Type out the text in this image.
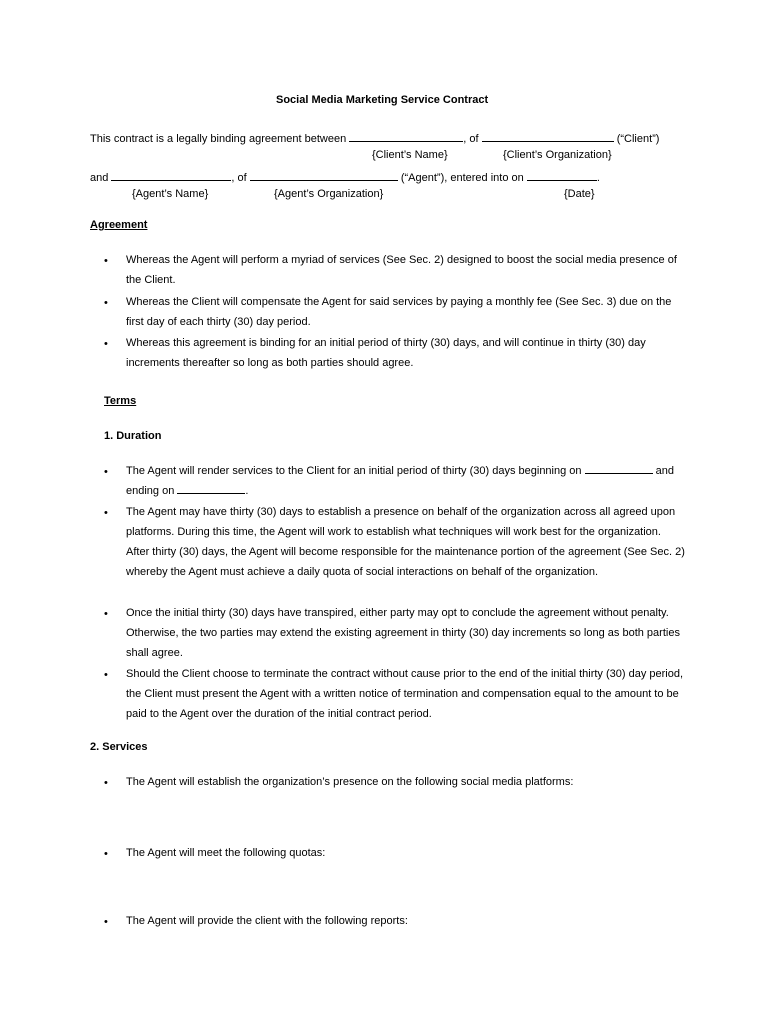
Social Media Marketing Service Contract
This contract is a legally binding agreement between	, of	(“Client”)
{Client’s Name}	{Client’s Organization}
and	, of	(“Agent”), entered into on	.
{Agent’s Name}	{Agent’s Organization}	{Date}
Agreement
• Whereas the Agent will perform a myriad of services (See Sec. 2) designed to boost the social media presence of the Client.
• Whereas the Client will compensate the Agent for said services by paying a monthly fee (See Sec. 3) due on the first day of each thirty (30) day period.
• Whereas this agreement is binding for an initial period of thirty (30) days, and will continue in thirty (30) day increments thereafter so long as both parties should agree.
Terms
1. Duration
• The Agent will render services to the Client for an initial period of thirty (30) days beginning on	and ending on	.
• The Agent may have thirty (30) days to establish a presence on behalf of the organization across all agreed upon platforms. During this time, the Agent will work to establish what techniques will work best for the organization. After thirty (30) days, the Agent will become responsible for the maintenance portion of the agreement (See Sec. 2) whereby the Agent must achieve a daily quota of social interactions on behalf of the organization.
• Once the initial thirty (30) days have transpired, either party may opt to conclude the agreement without penalty. Otherwise, the two parties may extend the existing agreement in thirty (30) day increments so long as both parties shall agree.
• Should the Client choose to terminate the contract without cause prior to the end of the initial thirty (30) day period, the Client must present the Agent with a written notice of termination and compensation equal to the amount to be paid to the Agent over the duration of the initial contract period.
2. Services
• The Agent will establish the organization’s presence on the following social media platforms:
• The Agent will meet the following quotas:
• The Agent will provide the client with the following reports:
